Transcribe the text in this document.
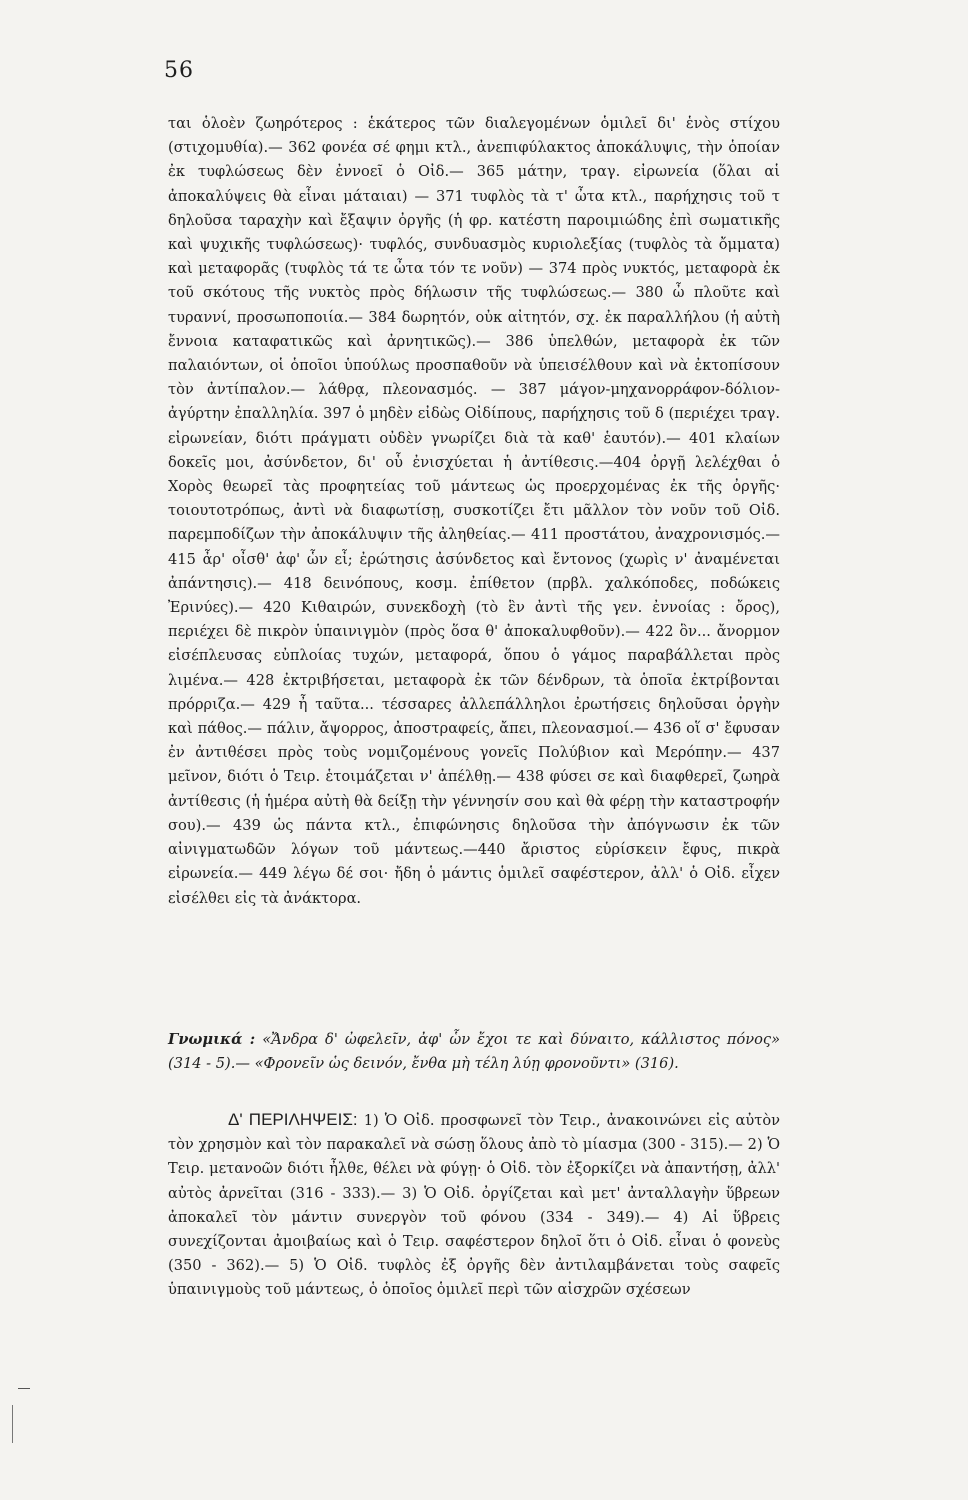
56

ται ὁλοὲν ζωηρότερος : ἑκάτερος τῶν διαλεγομένων ὁμιλεῖ δι' ἑνὸς στίχου (στιχομυθία).— 362 φονέα σέ φημι κτλ., ἀνεπιφύλακτος ἀποκάλυψις, τὴν ὁποίαν ἐκ τυφλώσεως δὲν ἐννοεῖ ὁ Οἰδ.— 365 μάτην, τραγ. εἰρωνεία (ὅλαι αἱ ἀποκαλύψεις θὰ εἶναι μάταιαι) — 371 τυφλὸς τὰ τ' ὦτα κτλ., παρήχησις τοῦ τ δηλοῦσα ταραχὴν καὶ ἔξαψιν ὀργῆς (ἡ φρ. κατέστη παροιμιώδης ἐπὶ σωματικῆς καὶ ψυχικῆς τυφλώσεως)· τυφλός, συνδυασμὸς κυριολεξίας (τυφλὸς τὰ ὄμματα) καὶ μεταφορᾶς (τυφλὸς τά τε ὦτα τόν τε νοῦν) — 374 πρὸς νυκτός, μεταφορὰ ἐκ τοῦ σκότους τῆς νυκτὸς πρὸς δήλωσιν τῆς τυφλώσεως.— 380 ὦ πλοῦτε καὶ τυραννί, προσωποποιία.— 384 δωρητόν, οὐκ αἰτητόν, σχ. ἐκ παραλλήλου (ἡ αὐτὴ ἔννοια καταφατικῶς καὶ ἀρνητικῶς).— 386 ὑπελθών, μεταφορὰ ἐκ τῶν παλαιόντων, οἱ ὁποῖοι ὑπούλως προσπαθοῦν νὰ ὑπεισέλθουν καὶ νὰ ἐκτοπίσουν τὸν ἀντίπαλον.— λάθρᾳ, πλεονασμός. — 387 μάγον-μηχανορράφον-δόλιον-ἀγύρτην ἐπαλληλία. 397 ὁ μηδὲν εἰδὼς Οἰδίπους, παρήχησις τοῦ δ (περιέχει τραγ. εἰρωνείαν, διότι πράγματι οὐδὲν γνωρίζει διὰ τὰ καθ' ἑαυτόν).— 401 κλαίων δοκεῖς μοι, ἀσύνδετον, δι' οὗ ἐνισχύεται ἡ ἀντίθεσις.—404 ὀργῇ λελέχθαι ὁ Χορὸς θεωρεῖ τὰς προφητείας τοῦ μάντεως ὡς προερχομένας ἐκ τῆς ὀργῆς· τοιουτοτρόπως, ἀντὶ νὰ διαφωτίσῃ, συσκοτίζει ἔτι μᾶλλον τὸν νοῦν τοῦ Οἰδ. παρεμποδίζων τὴν ἀποκάλυψιν τῆς ἀληθείας.— 411 προστάτου, ἀναχρονισμός.—415 ἆρ' οἶσθ' ἀφ' ὧν εἶ; ἐρώτησις ἀσύνδετος καὶ ἔντονος (χωρὶς ν' ἀναμένεται ἀπάντησις).— 418 δεινόπους, κοσμ. ἐπίθετον (πρβλ. χαλκόποδες, ποδώκεις Ἐρινύες).— 420 Κιθαιρών, συνεκδοχὴ (τὸ ἓν ἀντὶ τῆς γεν. ἐννοίας : ὄρος), περιέχει δὲ πικρὸν ὑπαινιγμὸν (πρὸς ὅσα θ' ἀποκαλυφθοῦν).— 422 ὃν... ἄνορμον εἰσέπλευσας εὐπλοίας τυχών, μεταφορά, ὅπου ὁ γάμος παραβάλλεται πρὸς λιμένα.— 428 ἐκτριβήσεται, μεταφορὰ ἐκ τῶν δένδρων, τὰ ὁποῖα ἐκτρίβονται πρόρριζα.— 429 ἦ ταῦτα... τέσσαρες ἀλλεπάλληλοι ἐρωτήσεις δηλοῦσαι ὀργὴν καὶ πάθος.— πάλιν, ἄψορρος, ἀποστραφείς, ἄπει, πλεονασμοί.— 436 οἵ σ' ἔφυσαν ἐν ἀντιθέσει πρὸς τοὺς νομιζομένους γονεῖς Πολύβιον καὶ Μερόπην.— 437 μεῖνον, διότι ὁ Τειρ. ἑτοιμάζεται ν' ἀπέλθῃ.— 438 φύσει σε καὶ διαφθερεῖ, ζωηρὰ ἀντίθεσις (ἡ ἡμέρα αὐτὴ θὰ δείξῃ τὴν γέννησίν σου καὶ θὰ φέρῃ τὴν καταστροφήν σου).— 439 ὡς πάντα κτλ., ἐπιφώνησις δηλοῦσα τὴν ἀπόγνωσιν ἐκ τῶν αἰνιγματωδῶν λόγων τοῦ μάντεως.—440 ἄριστος εὑρίσκειν ἔφυς, πικρὰ εἰρωνεία.— 449 λέγω δέ σοι· ἤδη ὁ μάντις ὁμιλεῖ σαφέστερον, ἀλλ' ὁ Οἰδ. εἶχεν εἰσέλθει εἰς τὰ ἀνάκτορα.

Γνωμικά : «Ἄνδρα δ' ὠφελεῖν, ἀφ' ὧν ἔχοι τε καὶ δύναιτο, κάλλιστος πόνος» (314 - 5).— «Φρονεῖν ὡς δεινόν, ἔνθα μὴ τέλη λύῃ φρονοῦντι» (316).

Δ' ΠΕΡΙΛΗΨΕΙΣ: 1) Ὁ Οἰδ. προσφωνεῖ τὸν Τειρ., ἀνακοινώνει εἰς αὐτὸν τὸν χρησμὸν καὶ τὸν παρακαλεῖ νὰ σώσῃ ὅλους ἀπὸ τὸ μίασμα (300 - 315).— 2) Ὁ Τειρ. μετανοῶν διότι ἦλθε, θέλει νὰ φύγῃ· ὁ Οἰδ. τὸν ἐξορκίζει νὰ ἀπαντήσῃ, ἀλλ' αὐτὸς ἀρνεῖται (316 - 333).— 3) Ὁ Οἰδ. ὀργίζεται καὶ μετ' ἀνταλλαγὴν ὕβρεων ἀποκαλεῖ τὸν μάντιν συνεργὸν τοῦ φόνου (334 - 349).— 4) Αἱ ὕβρεις συνεχίζονται ἀμοιβαίως καὶ ὁ Τειρ. σαφέστερον δηλοῖ ὅτι ὁ Οἰδ. εἶναι ὁ φονεὺς (350 - 362).— 5) Ὁ Οἰδ. τυφλὸς ἐξ ὀργῆς δὲν ἀντιλαμβάνεται τοὺς σαφεῖς ὑπαινιγμοὺς τοῦ μάντεως, ὁ ὁποῖος ὁμιλεῖ περὶ τῶν αἰσχρῶν σχέσεων
